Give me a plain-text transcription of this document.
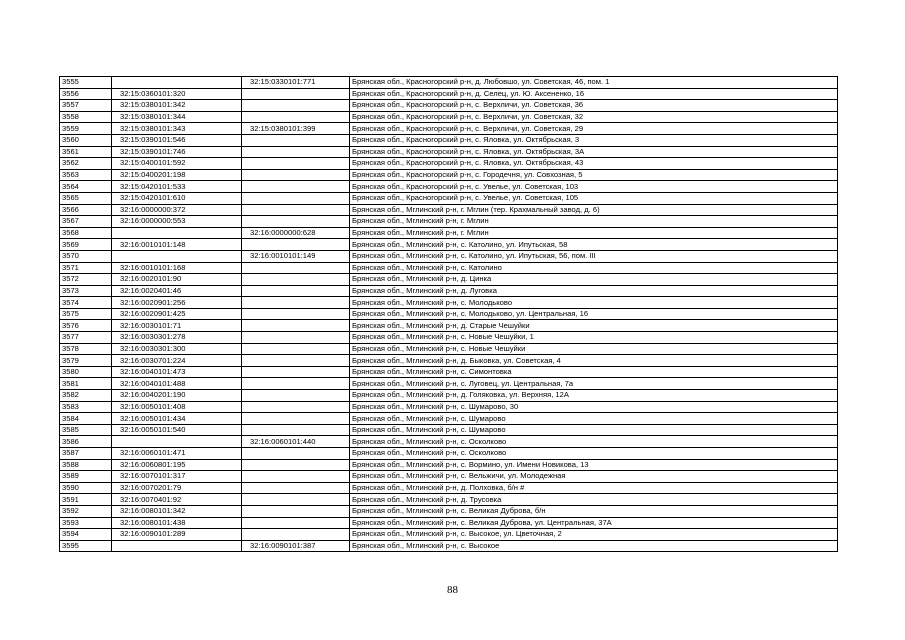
3555		32:15:0330101:771	Брянская обл., Красногорский р-н, д. Любовшо, ул. Советская, 46, пом. 1
3556	32:15:0360101:320		Брянская обл., Красногорский р-н, д. Селец, ул. Ю. Аксененко, 16
3557	32:15:0380101:342		Брянская обл., Красногорский р-н, с. Верхличи, ул. Советская, 36
3558	32:15:0380101:344		Брянская обл., Красногорский р-н, с. Верхличи, ул. Советская, 32
3559	32:15:0380101:343	32:15:0380101:399	Брянская обл., Красногорский р-н, с. Верхличи, ул. Советская, 29
3560	32:15:0390101:546		Брянская обл., Красногорский р-н, с. Яловка, ул. Октябрьская, 3
3561	32:15:0390101:746		Брянская обл., Красногорский р-н, с. Яловка, ул. Октябрьская, 3А
3562	32:15:0400101:592		Брянская обл., Красногорский р-н, с. Яловка, ул. Октябрьская, 43
3563	32:15:0400201:198		Брянская обл., Красногорский р-н, с. Городечня, ул. Совхозная, 5
3564	32:15:0420101:533		Брянская обл., Красногорский р-н, с. Увелье, ул. Советская, 103
3565	32:15:0420101:610		Брянская обл., Красногорский р-н, с. Увелье, ул. Советская, 105
3566	32:16:0000000:372		Брянская обл., Мглинский р-н, г. Мглин (тер. Крахмальный завод, д. 6)
3567	32:16:0000000:553		Брянская обл., Мглинский р-н, г. Мглин
3568		32:16:0000000:628	Брянская обл., Мглинский р-н, г. Мглин
3569	32:16:0010101:148		Брянская обл., Мглинский р-н, с. Католино, ул. Ипутьская, 58
3570		32:16:0010101:149	Брянская обл., Мглинский р-н, с. Католино, ул. Ипутьская, 56, пом. III
3571	32:16:0010101:168		Брянская обл., Мглинский р-н, с. Католино
3572	32:16:0020101:90		Брянская обл., Мглинский р-н, д. Цинка
3573	32:16:0020401:46		Брянская обл., Мглинский р-н, д. Луговка
3574	32:16:0020901:256		Брянская обл., Мглинский р-н, с. Молодьково
3575	32:16:0020901:425		Брянская обл., Мглинский р-н, с. Молодьково, ул. Центральная, 16
3576	32:16:0030101:71		Брянская обл., Мглинский р-н, д. Старые Чешуйки
3577	32:16:0030301:278		Брянская обл., Мглинский р-н, с. Новые Чешуйки, 1
3578	32:16:0030301:300		Брянская обл., Мглинский р-н, с. Новые Чешуйки
3579	32:16:0030701:224		Брянская обл., Мглинский р-н, д. Быковка, ул. Советская, 4
3580	32:16:0040101:473		Брянская обл., Мглинский р-н, с. Симонтовка
3581	32:16:0040101:488		Брянская обл., Мглинский р-н, с. Луговец, ул. Центральная, 7а
3582	32:16:0040201:190		Брянская обл., Мглинский р-н, д. Голяковка, ул. Верхняя, 12А
3583	32:16:0050101:408		Брянская обл., Мглинский р-н, с. Шумарово, 30
3584	32:16:0050101:434		Брянская обл., Мглинский р-н, с. Шумарово
3585	32:16:0050101:540		Брянская обл., Мглинский р-н, с. Шумарово
3586		32:16:0060101:440	Брянская обл., Мглинский р-н, с. Осколково
3587	32:16:0060101:471		Брянская обл., Мглинский р-н, с. Осколково
3588	32:16:0060801:195		Брянская обл., Мглинский р-н, с. Вормино, ул. Имени Новикова, 13
3589	32:16:0070101:317		Брянская обл., Мглинский р-н, с. Вельжичи, ул. Молодежная
3590	32:16:0070201:79		Брянская обл., Мглинский р-н, д. Полховка, б/н #
3591	32:16:0070401:92		Брянская обл., Мглинский р-н, д. Трусовка
3592	32:16:0080101:342		Брянская обл., Мглинский р-н, с. Великая Дуброва, б/н
3593	32:16:0080101:438		Брянская обл., Мглинский р-н, с. Великая Дуброва, ул. Центральная, 37А
3594	32:16:0090101:289		Брянская обл., Мглинский р-н, с. Высокое, ул. Цветочная, 2
3595		32:16:0090101:387	Брянская обл., Мглинский р-н, с. Высокое
88
